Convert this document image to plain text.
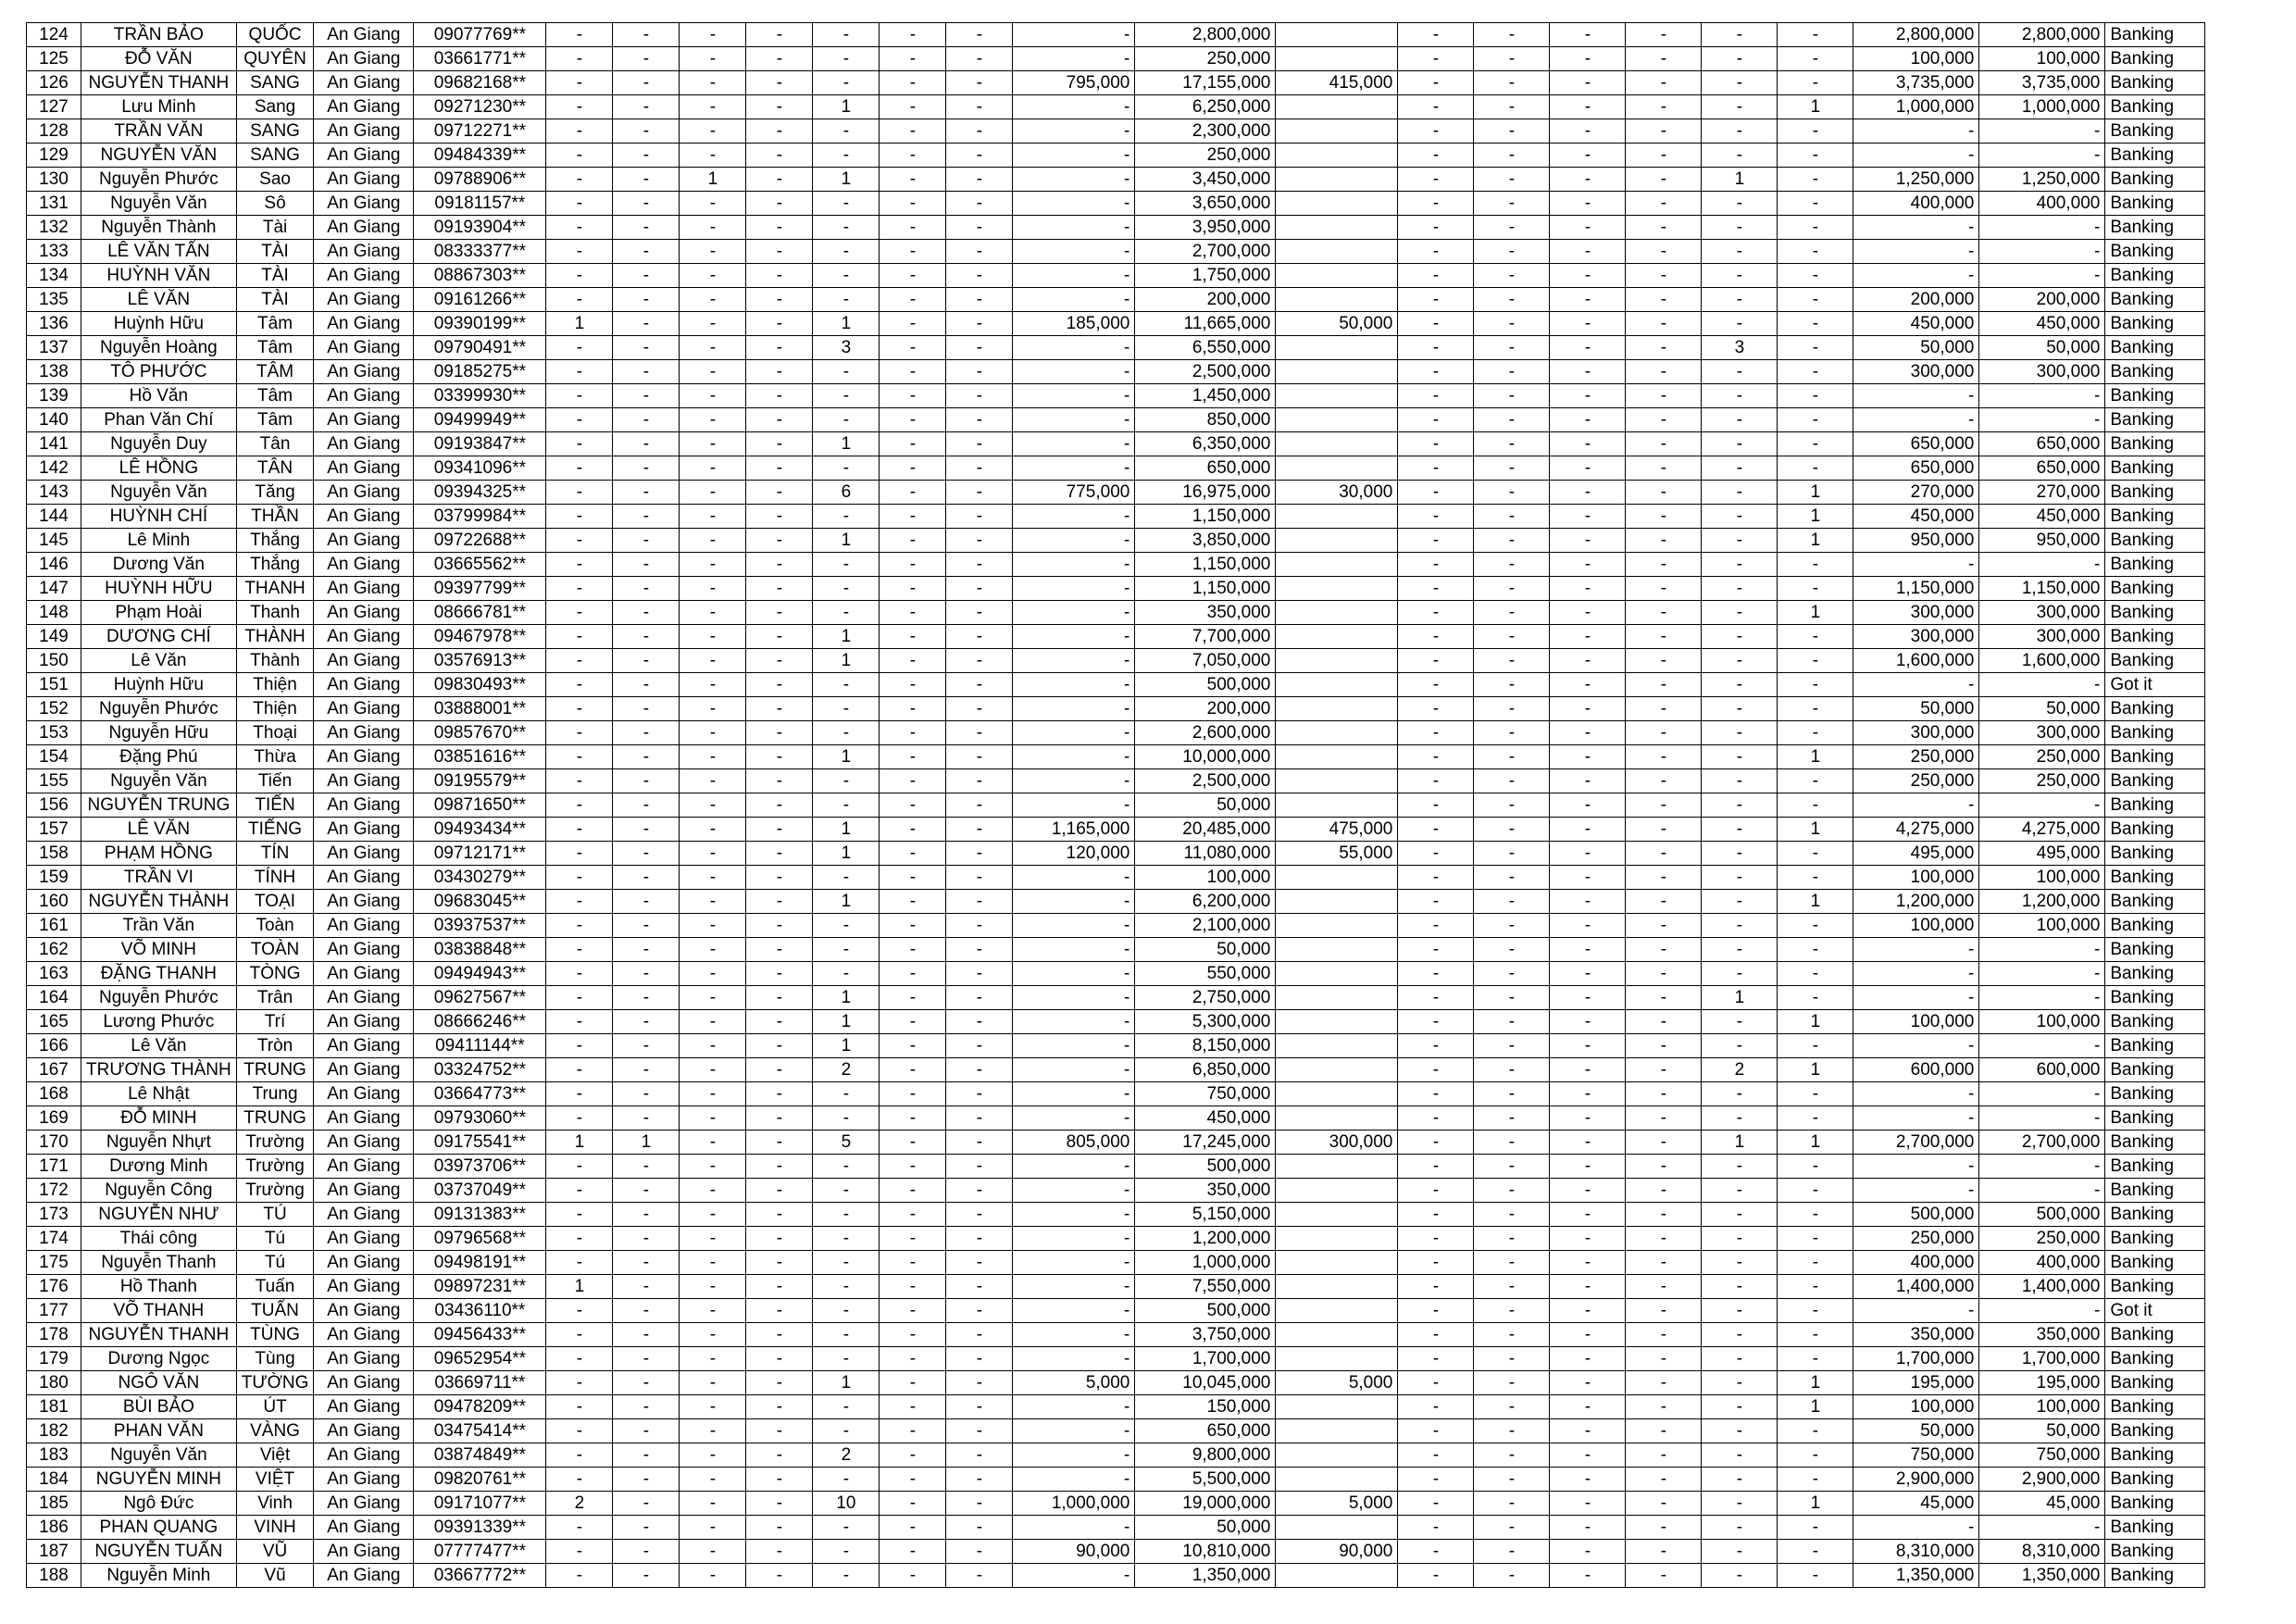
124	TRẦN BẢO	QUỐC	An Giang	09077769**	-	-	-	-	-	-	-	-	2,800,000		-	-	-	-	-	-	2,800,000	2,800,000	Banking
125	ĐỖ VĂN	QUYÊN	An Giang	03661771**	-	-	-	-	-	-	-	-	250,000		-	-	-	-	-	-	100,000	100,000	Banking
126	NGUYỄN THANH	SANG	An Giang	09682168**	-	-	-	-	-	-	-	795,000	17,155,000	415,000	-	-	-	-	-	-	3,735,000	3,735,000	Banking
127	Lưu Minh	Sang	An Giang	09271230**	-	-	-	-	1	-	-	-	6,250,000		-	-	-	-	-	1	1,000,000	1,000,000	Banking
128	TRẦN VĂN	SANG	An Giang	09712271**	-	-	-	-	-	-	-	-	2,300,000		-	-	-	-	-	-	-	-	Banking
129	NGUYỄN VĂN	SANG	An Giang	09484339**	-	-	-	-	-	-	-	-	250,000		-	-	-	-	-	-	-	-	Banking
130	Nguyễn Phước	Sao	An Giang	09788906**	-	-	1	-	1	-	-	-	3,450,000		-	-	-	-	1	-	1,250,000	1,250,000	Banking
131	Nguyễn Văn	Sô	An Giang	09181157**	-	-	-	-	-	-	-	-	3,650,000		-	-	-	-	-	-	400,000	400,000	Banking
132	Nguyễn Thành	Tài	An Giang	09193904**	-	-	-	-	-	-	-	-	3,950,000		-	-	-	-	-	-	-	-	Banking
133	LÊ VĂN TẤN	TÀI	An Giang	08333377**	-	-	-	-	-	-	-	-	2,700,000		-	-	-	-	-	-	-	-	Banking
134	HUỲNH VĂN	TÀI	An Giang	08867303**	-	-	-	-	-	-	-	-	1,750,000		-	-	-	-	-	-	-	-	Banking
135	LÊ VĂN	TÀI	An Giang	09161266**	-	-	-	-	-	-	-	-	200,000		-	-	-	-	-	-	200,000	200,000	Banking
136	Huỳnh Hữu	Tâm	An Giang	09390199**	1	-	-	-	1	-	-	185,000	11,665,000	50,000	-	-	-	-	-	-	450,000	450,000	Banking
137	Nguyễn Hoàng	Tâm	An Giang	09790491**	-	-	-	-	3	-	-	-	6,550,000		-	-	-	-	3	-	50,000	50,000	Banking
138	TÔ PHƯỚC	TÂM	An Giang	09185275**	-	-	-	-	-	-	-	-	2,500,000		-	-	-	-	-	-	300,000	300,000	Banking
139	Hồ Văn	Tâm	An Giang	03399930**	-	-	-	-	-	-	-	-	1,450,000		-	-	-	-	-	-	-	-	Banking
140	Phan Văn Chí	Tâm	An Giang	09499949**	-	-	-	-	-	-	-	-	850,000		-	-	-	-	-	-	-	-	Banking
141	Nguyễn Duy	Tân	An Giang	09193847**	-	-	-	-	1	-	-	-	6,350,000		-	-	-	-	-	-	650,000	650,000	Banking
142	LÊ HỒNG	TÂN	An Giang	09341096**	-	-	-	-	-	-	-	-	650,000		-	-	-	-	-	-	650,000	650,000	Banking
143	Nguyễn Văn	Tăng	An Giang	09394325**	-	-	-	-	6	-	-	775,000	16,975,000	30,000	-	-	-	-	-	1	270,000	270,000	Banking
144	HUỲNH CHÍ	THẦN	An Giang	03799984**	-	-	-	-	-	-	-	-	1,150,000		-	-	-	-	-	1	450,000	450,000	Banking
145	Lê Minh	Thắng	An Giang	09722688**	-	-	-	-	1	-	-	-	3,850,000		-	-	-	-	-	1	950,000	950,000	Banking
146	Dương Văn	Thắng	An Giang	03665562**	-	-	-	-	-	-	-	-	1,150,000		-	-	-	-	-	-	-	-	Banking
147	HUỲNH HỮU	THANH	An Giang	09397799**	-	-	-	-	-	-	-	-	1,150,000		-	-	-	-	-	-	1,150,000	1,150,000	Banking
148	Phạm Hoài	Thanh	An Giang	08666781**	-	-	-	-	-	-	-	-	350,000		-	-	-	-	-	1	300,000	300,000	Banking
149	DƯƠNG CHÍ	THÀNH	An Giang	09467978**	-	-	-	-	1	-	-	-	7,700,000		-	-	-	-	-	-	300,000	300,000	Banking
150	Lê Văn	Thành	An Giang	03576913**	-	-	-	-	1	-	-	-	7,050,000		-	-	-	-	-	-	1,600,000	1,600,000	Banking
151	Huỳnh Hữu	Thiện	An Giang	09830493**	-	-	-	-	-	-	-	-	500,000		-	-	-	-	-	-	-	-	Got it
152	Nguyễn Phước	Thiện	An Giang	03888001**	-	-	-	-	-	-	-	-	200,000		-	-	-	-	-	-	50,000	50,000	Banking
153	Nguyễn Hữu	Thoại	An Giang	09857670**	-	-	-	-	-	-	-	-	2,600,000		-	-	-	-	-	-	300,000	300,000	Banking
154	Đặng Phú	Thừa	An Giang	03851616**	-	-	-	-	1	-	-	-	10,000,000		-	-	-	-	-	1	250,000	250,000	Banking
155	Nguyễn Văn	Tiến	An Giang	09195579**	-	-	-	-	-	-	-	-	2,500,000		-	-	-	-	-	-	250,000	250,000	Banking
156	NGUYỄN TRUNG	TIẾN	An Giang	09871650**	-	-	-	-	-	-	-	-	50,000		-	-	-	-	-	-	-	-	Banking
157	LÊ VĂN	TIẾNG	An Giang	09493434**	-	-	-	-	1	-	-	1,165,000	20,485,000	475,000	-	-	-	-	-	1	4,275,000	4,275,000	Banking
158	PHẠM HỒNG	TÍN	An Giang	09712171**	-	-	-	-	1	-	-	120,000	11,080,000	55,000	-	-	-	-	-	-	495,000	495,000	Banking
159	TRẦN VI	TÍNH	An Giang	03430279**	-	-	-	-	-	-	-	-	100,000		-	-	-	-	-	-	100,000	100,000	Banking
160	NGUYỄN THÀNH	TOẠI	An Giang	09683045**	-	-	-	-	1	-	-	-	6,200,000		-	-	-	-	-	1	1,200,000	1,200,000	Banking
161	Trần Văn	Toàn	An Giang	03937537**	-	-	-	-	-	-	-	-	2,100,000		-	-	-	-	-	-	100,000	100,000	Banking
162	VÕ MINH	TOÀN	An Giang	03838848**	-	-	-	-	-	-	-	-	50,000		-	-	-	-	-	-	-	-	Banking
163	ĐẶNG THANH	TÒNG	An Giang	09494943**	-	-	-	-	-	-	-	-	550,000		-	-	-	-	-	-	-	-	Banking
164	Nguyễn Phước	Trân	An Giang	09627567**	-	-	-	-	1	-	-	-	2,750,000		-	-	-	-	1	-	-	-	Banking
165	Lương Phước	Trí	An Giang	08666246**	-	-	-	-	1	-	-	-	5,300,000		-	-	-	-	-	1	100,000	100,000	Banking
166	Lê Văn	Tròn	An Giang	09411144**	-	-	-	-	1	-	-	-	8,150,000		-	-	-	-	-	-	-	-	Banking
167	TRƯƠNG THÀNH	TRUNG	An Giang	03324752**	-	-	-	-	2	-	-	-	6,850,000		-	-	-	-	2	1	600,000	600,000	Banking
168	Lê Nhật	Trung	An Giang	03664773**	-	-	-	-	-	-	-	-	750,000		-	-	-	-	-	-	-	-	Banking
169	ĐỖ MINH	TRUNG	An Giang	09793060**	-	-	-	-	-	-	-	-	450,000		-	-	-	-	-	-	-	-	Banking
170	Nguyễn Nhựt	Trường	An Giang	09175541**	1	1	-	-	5	-	-	805,000	17,245,000	300,000	-	-	-	-	1	1	2,700,000	2,700,000	Banking
171	Dương Minh	Trường	An Giang	03973706**	-	-	-	-	-	-	-	-	500,000		-	-	-	-	-	-	-	-	Banking
172	Nguyễn Công	Trường	An Giang	03737049**	-	-	-	-	-	-	-	-	350,000		-	-	-	-	-	-	-	-	Banking
173	NGUYỄN NHƯ	TÚ	An Giang	09131383**	-	-	-	-	-	-	-	-	5,150,000		-	-	-	-	-	-	500,000	500,000	Banking
174	Thái công	Tú	An Giang	09796568**	-	-	-	-	-	-	-	-	1,200,000		-	-	-	-	-	-	250,000	250,000	Banking
175	Nguyễn Thanh	Tú	An Giang	09498191**	-	-	-	-	-	-	-	-	1,000,000		-	-	-	-	-	-	400,000	400,000	Banking
176	Hồ Thanh	Tuấn	An Giang	09897231**	1	-	-	-	-	-	-	-	7,550,000		-	-	-	-	-	-	1,400,000	1,400,000	Banking
177	VÕ THANH	TUẤN	An Giang	03436110**	-	-	-	-	-	-	-	-	500,000		-	-	-	-	-	-	-	-	Got it
178	NGUYỄN THANH	TÙNG	An Giang	09456433**	-	-	-	-	-	-	-	-	3,750,000		-	-	-	-	-	-	350,000	350,000	Banking
179	Dương Ngọc	Tùng	An Giang	09652954**	-	-	-	-	-	-	-	-	1,700,000		-	-	-	-	-	-	1,700,000	1,700,000	Banking
180	NGÔ VĂN	TƯỜNG	An Giang	03669711**	-	-	-	-	1	-	-	5,000	10,045,000	5,000	-	-	-	-	-	1	195,000	195,000	Banking
181	BÙI BẢO	ÚT	An Giang	09478209**	-	-	-	-	-	-	-	-	150,000		-	-	-	-	-	1	100,000	100,000	Banking
182	PHAN VĂN	VÀNG	An Giang	03475414**	-	-	-	-	-	-	-	-	650,000		-	-	-	-	-	-	50,000	50,000	Banking
183	Nguyễn Văn	Việt	An Giang	03874849**	-	-	-	-	2	-	-	-	9,800,000		-	-	-	-	-	-	750,000	750,000	Banking
184	NGUYỄN MINH	VIỆT	An Giang	09820761**	-	-	-	-	-	-	-	-	5,500,000		-	-	-	-	-	-	2,900,000	2,900,000	Banking
185	Ngô Đức	Vinh	An Giang	09171077**	2	-	-	-	10	-	-	1,000,000	19,000,000	5,000	-	-	-	-	-	1	45,000	45,000	Banking
186	PHAN QUANG	VINH	An Giang	09391339**	-	-	-	-	-	-	-	-	50,000		-	-	-	-	-	-	-	-	Banking
187	NGUYỄN TUẤN	VŨ	An Giang	07777477**	-	-	-	-	-	-	-	90,000	10,810,000	90,000	-	-	-	-	-	-	8,310,000	8,310,000	Banking
188	Nguyễn Minh	Vũ	An Giang	03667772**	-	-	-	-	-	-	-	-	1,350,000		-	-	-	-	-	-	1,350,000	1,350,000	Banking
